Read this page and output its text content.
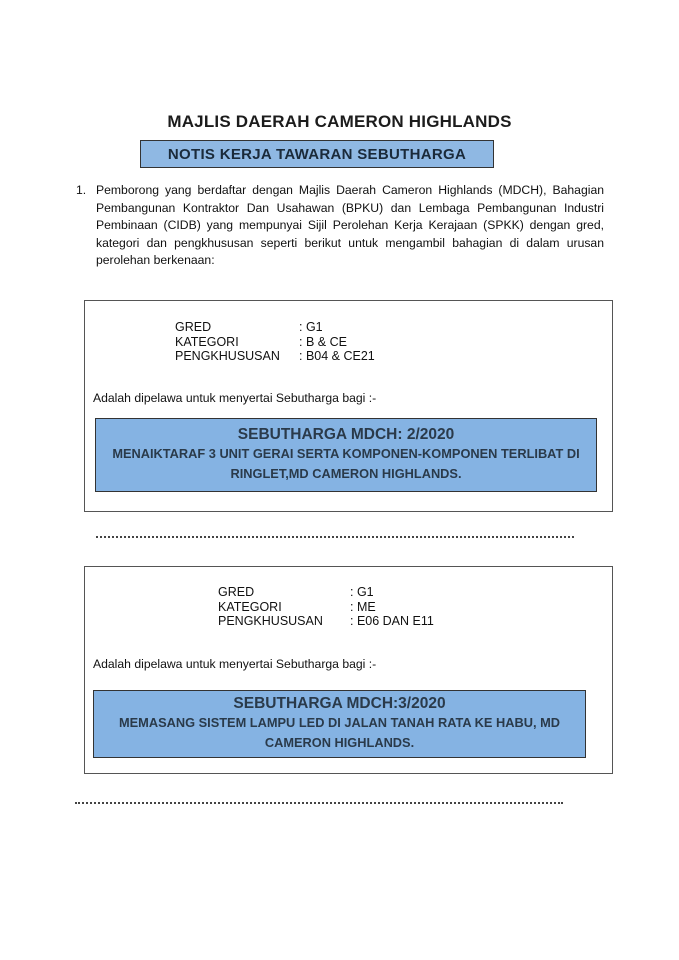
MAJLIS DAERAH CAMERON HIGHLANDS
NOTIS KERJA TAWARAN SEBUTHARGA
1. Pemborong yang berdaftar dengan Majlis Daerah Cameron Highlands (MDCH), Bahagian Pembangunan Kontraktor Dan Usahawan (BPKU) dan Lembaga Pembangunan Industri Pembinaan (CIDB) yang mempunyai Sijil Perolehan Kerja Kerajaan (SPKK) dengan gred, kategori dan pengkhususan seperti berikut untuk mengambil bahagian di dalam urusan perolehan berkenaan:
GRED	: G1
KATEGORI	: B & CE
PENGKHUSUSAN	: B04 & CE21
Adalah dipelawa untuk menyertai Sebutharga bagi :-
SEBUTHARGA MDCH: 2/2020
MENAIKTARAF 3 UNIT GERAI SERTA KOMPONEN-KOMPONEN TERLIBAT DI RINGLET,MD CAMERON HIGHLANDS.
GRED	: G1
KATEGORI	: ME
PENGKHUSUSAN	: E06 DAN E11
Adalah dipelawa untuk menyertai Sebutharga bagi :-
SEBUTHARGA MDCH:3/2020
MEMASANG SISTEM LAMPU LED DI JALAN TANAH RATA KE HABU, MD CAMERON HIGHLANDS.
